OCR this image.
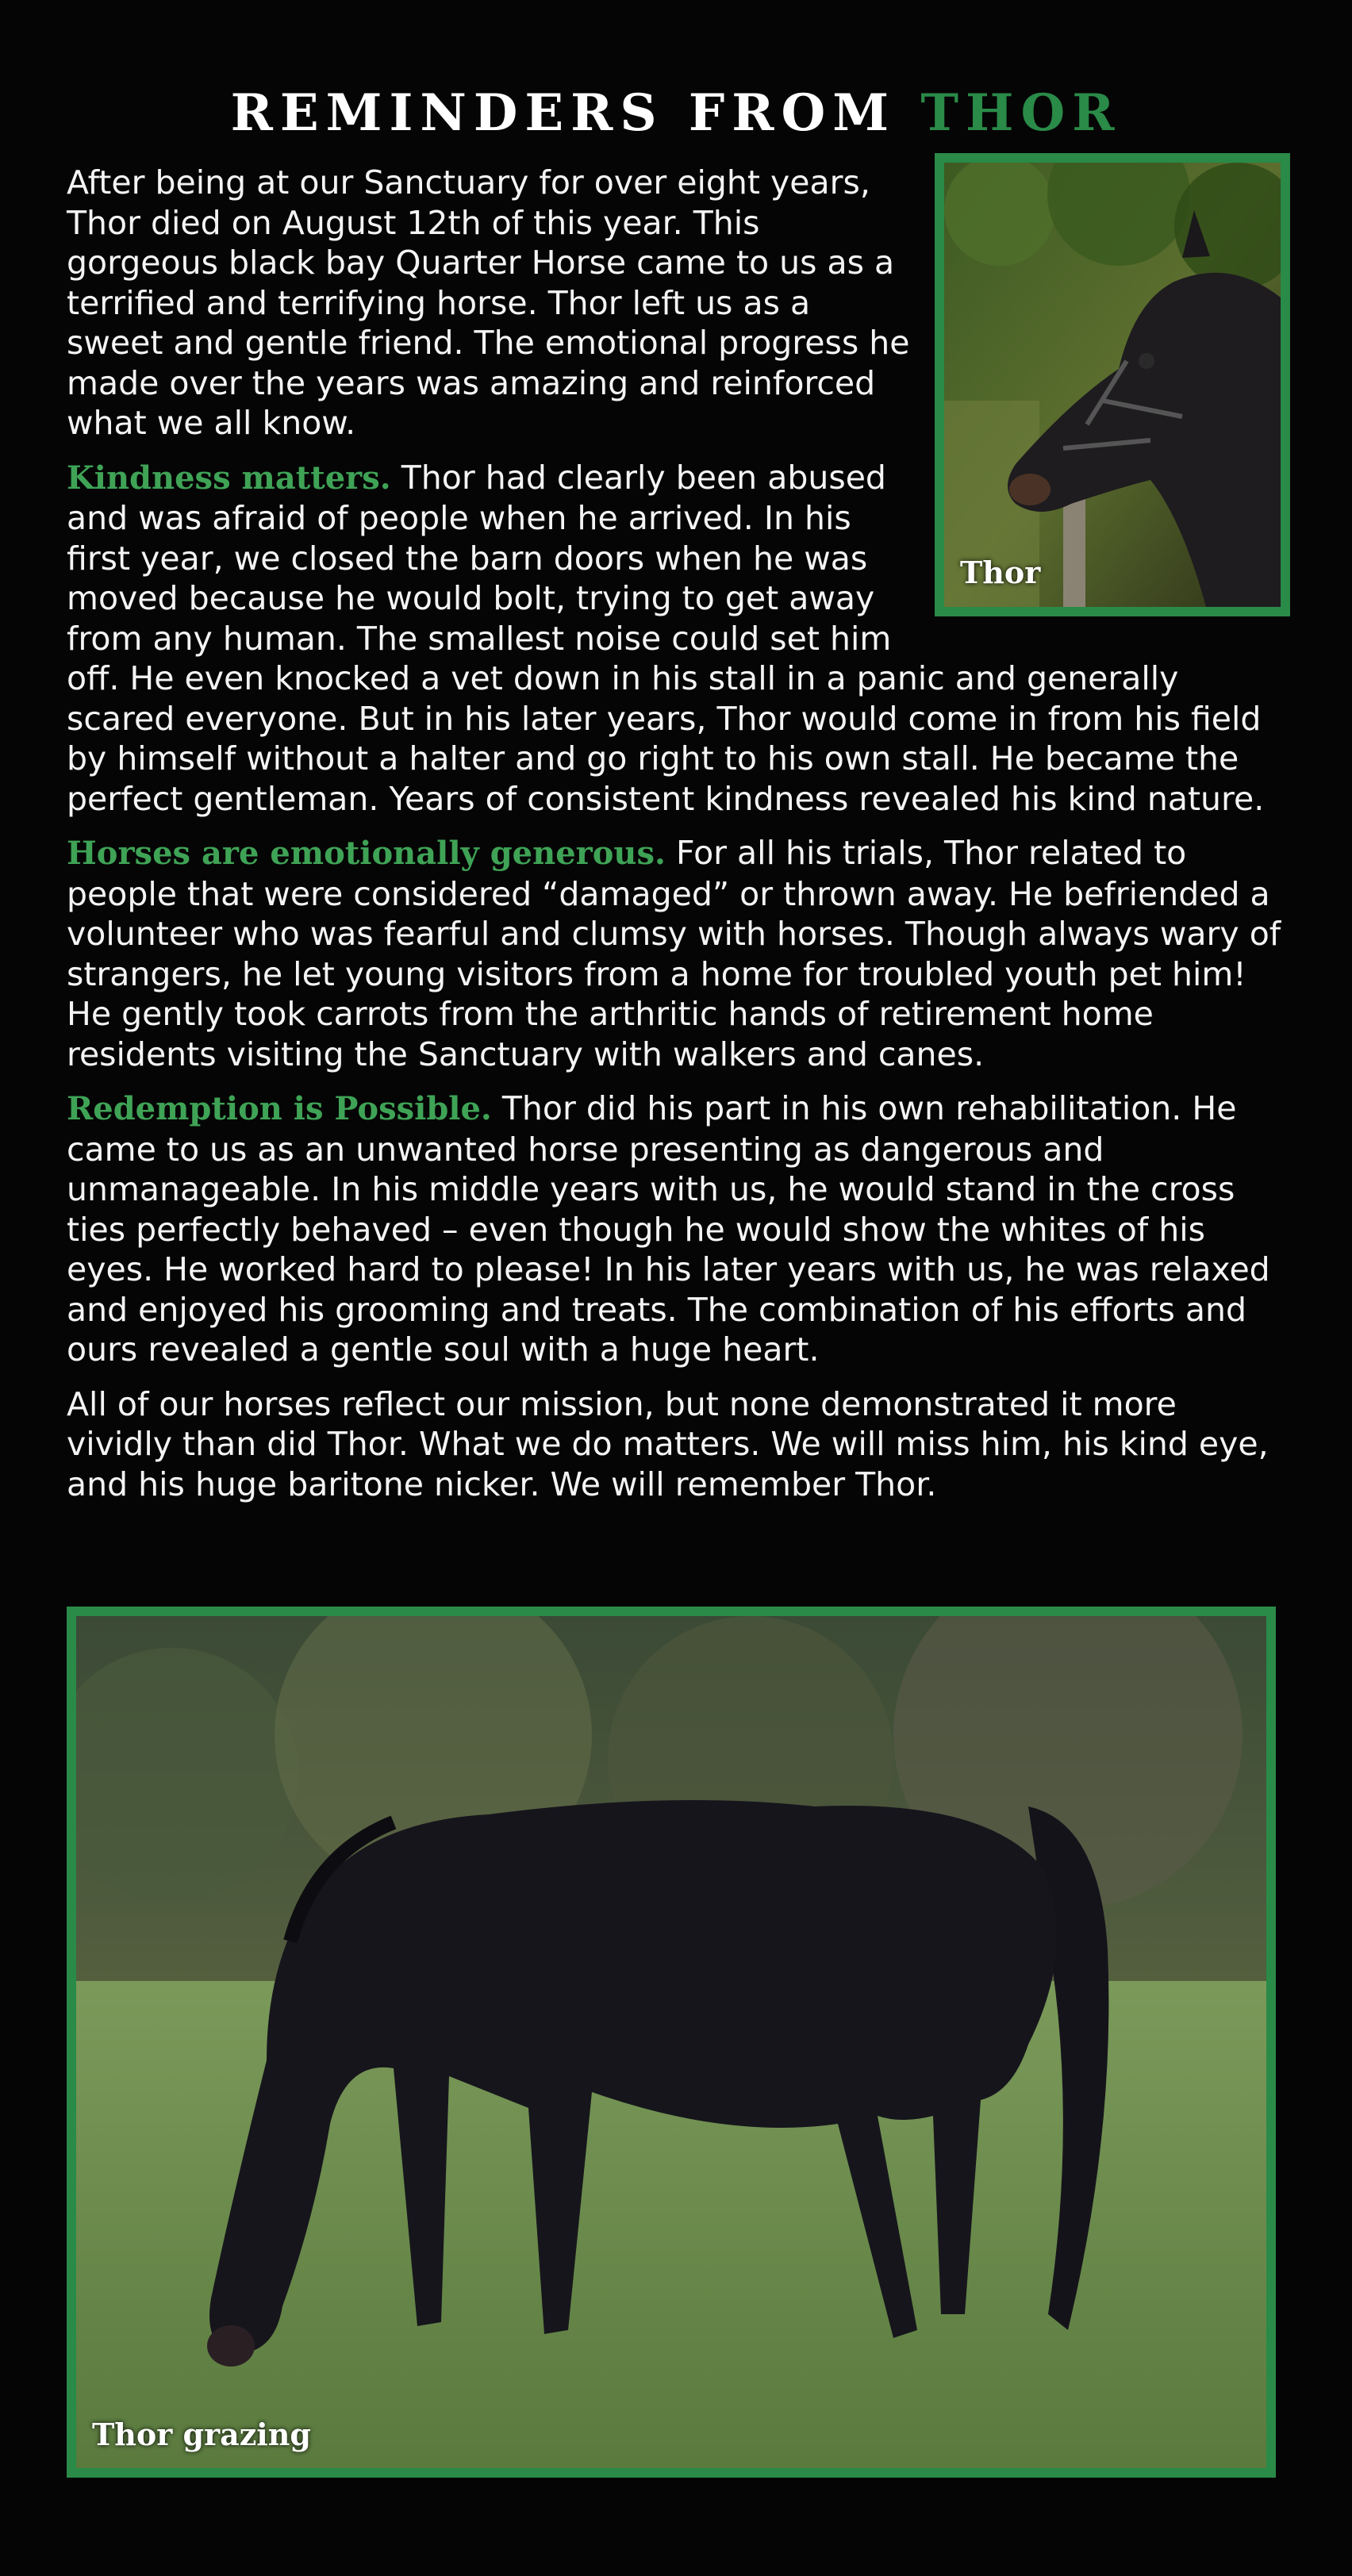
REMINDERS FROM THOR
Thor

After being at our Sanctuary for over eight years, Thor died on August 12th of this year. This gorgeous black bay Quarter Horse came to us as a terrified and terrifying horse. Thor left us as a sweet and gentle friend. The emotional progress he made over the years was amazing and reinforced what we all know.

Kindness matters. Thor had clearly been abused and was afraid of people when he arrived. In his first year, we closed the barn doors when he was moved because he would bolt, trying to get away from any human. The smallest noise could set him off. He even knocked a vet down in his stall in a panic and generally scared everyone. But in his later years, Thor would come in from his field by himself without a halter and go right to his own stall. He became the perfect gentleman. Years of consistent kindness revealed his kind nature.

Horses are emotionally generous. For all his trials, Thor related to people that were considered “damaged” or thrown away. He befriended a volunteer who was fearful and clumsy with horses. Though always wary of strangers, he let young visitors from a home for troubled youth pet him! He gently took carrots from the arthritic hands of retirement home residents visiting the Sanctuary with walkers and canes.

Redemption is Possible. Thor did his part in his own rehabilitation. He came to us as an unwanted horse presenting as dangerous and unmanageable. In his middle years with us, he would stand in the cross ties perfectly behaved – even though he would show the whites of his eyes. He worked hard to please! In his later years with us, he was relaxed and enjoyed his grooming and treats. The combination of his efforts and ours revealed a gentle soul with a huge heart.

All of our horses reflect our mission, but none demonstrated it more vividly than did Thor. What we do matters. We will miss him, his kind eye, and his huge baritone nicker. We will remember Thor.

Thor grazing
